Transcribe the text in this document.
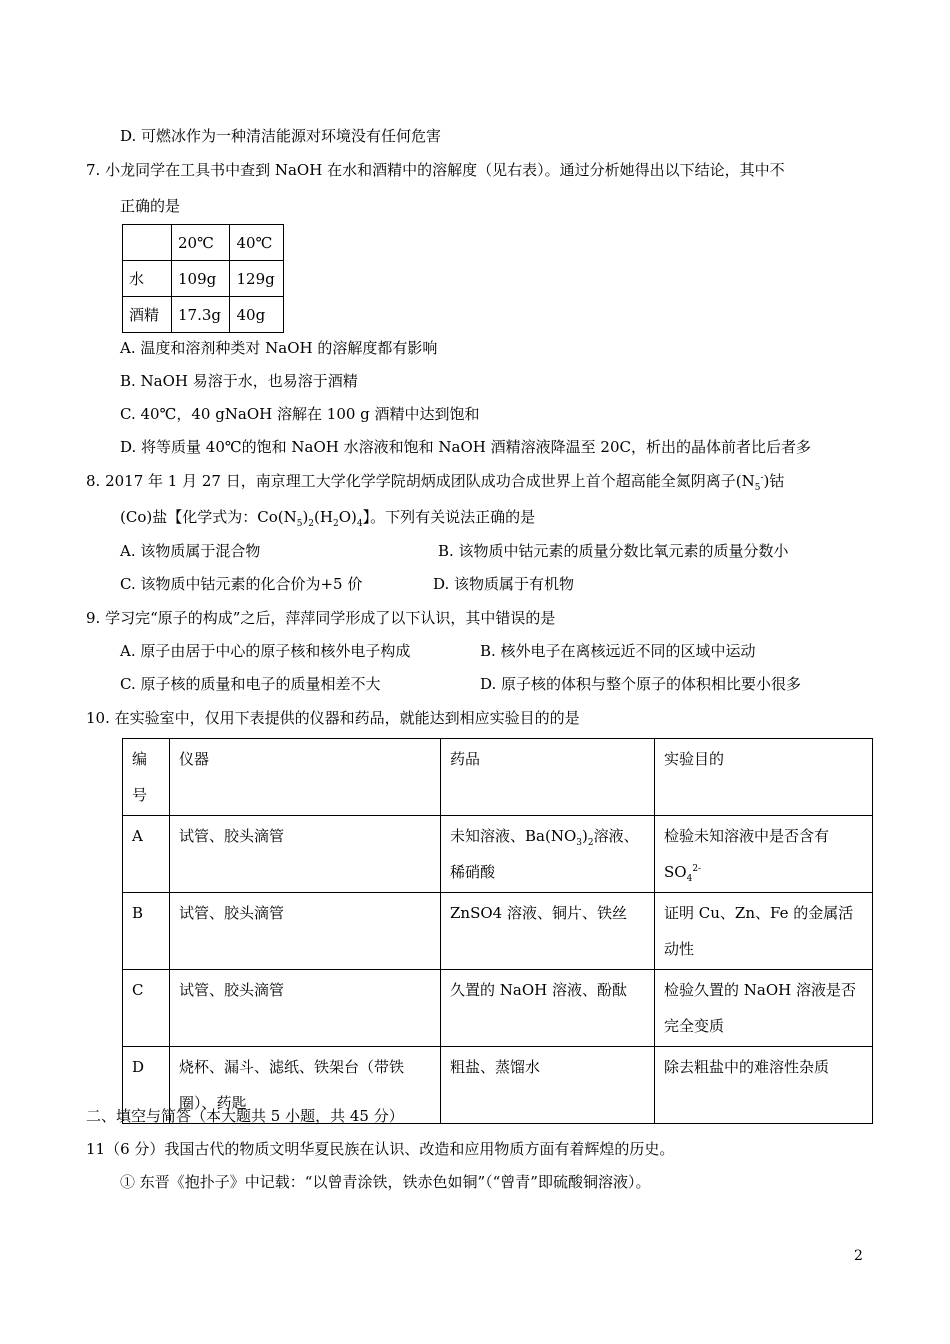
D. 可燃冰作为一种清洁能源对环境没有任何危害
7. 小龙同学在工具书中查到 NaOH 在水和酒精中的溶解度（见右表）。通过分析她得出以下结论，其中不
正确的是
	20℃	40℃
水	109g	129g
酒精	17.3g	40g
A. 温度和溶剂种类对 NaOH 的溶解度都有影响
B. NaOH 易溶于水，也易溶于酒精
C. 40℃，40 gNaOH 溶解在 100 g 酒精中达到饱和
D. 将等质量 40℃的饱和 NaOH 水溶液和饱和 NaOH 酒精溶液降温至 20C，析出的晶体前者比后者多
8. 2017 年 1 月 27 日，南京理工大学化学学院胡炳成团队成功合成世界上首个超高能全氮阴离子$(N_5^-)$钴
(Co)盐【化学式为：$Co(N_5)_2(H_2O)_4$】。下列有关说法正确的是
A. 该物质属于混合物	B. 该物质中钴元素的质量分数比氧元素的质量分数小
C. 该物质中钴元素的化合价为+5 价	D. 该物质属于有机物
9. 学习完“原子的构成”之后，萍萍同学形成了以下认识，其中错误的是
A. 原子由居于中心的原子核和核外电子构成	B. 核外电子在离核远近不同的区域中运动
C. 原子核的质量和电子的质量相差不大	D. 原子核的体积与整个原子的体积相比要小很多
10. 在实验室中，仅用下表提供的仪器和药品，就能达到相应实验目的的是
编号	仪器	药品	实验目的
A	试管、胶头滴管	未知溶液、$Ba(NO_3)_2$溶液、稀硝酸	检验未知溶液中是否含有 $SO_4^{2-}$
B	试管、胶头滴管	ZnSO4 溶液、铜片、铁丝	证明 Cu、Zn、Fe 的金属活动性
C	试管、胶头滴管	久置的 NaOH 溶液、酚酞	检验久置的 NaOH 溶液是否完全变质
D	烧杯、漏斗、滤纸、铁架台（带铁圈）、药匙	粗盐、蒸馏水	除去粗盐中的难溶性杂质
二、填空与简答（本大题共 5 小题，共 45 分）
11（6 分）我国古代的物质文明华夏民族在认识、改造和应用物质方面有着辉煌的历史。
① 东晋《抱扑子》中记载：“以曾青涂铁，铁赤色如铜”（“曾青”即硫酸铜溶液）。
2
